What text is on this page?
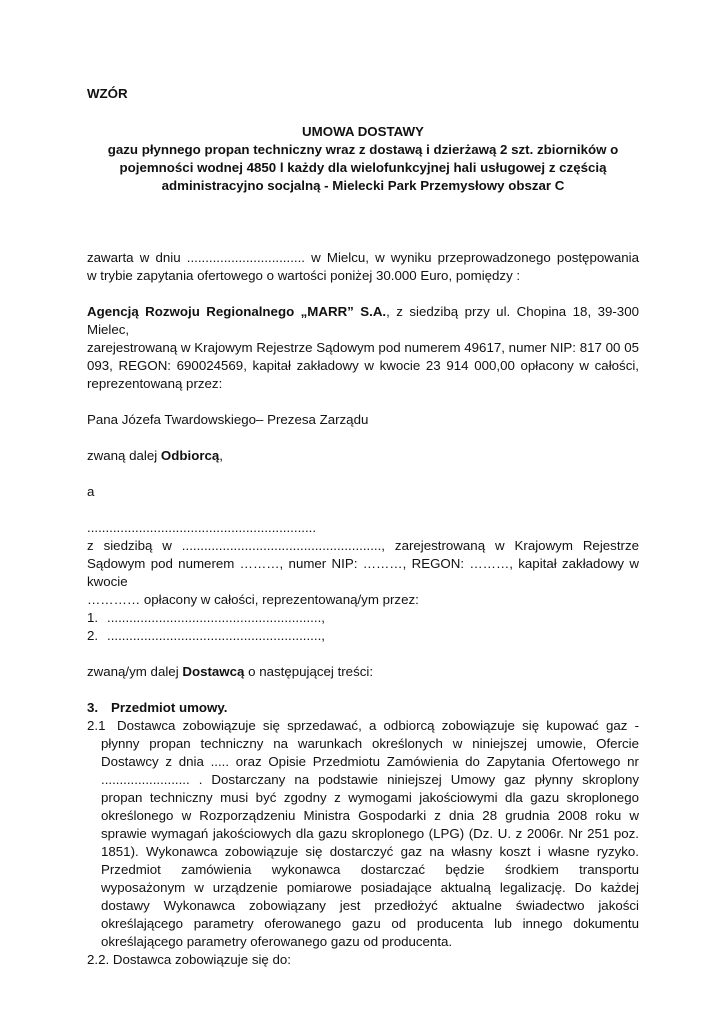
WZÓR

UMOWA DOSTAWY
gazu płynnego propan techniczny wraz z dostawą i dzierżawą 2 szt. zbiorników o
pojemności wodnej 4850 l każdy dla wielofunkcyjnej hali usługowej z częścią
administracyjno socjalną - Mielecki Park Przemysłowy obszar C

zawarta w dniu ................................ w Mielcu, w wyniku przeprowadzonego postępowania

w trybie zapytania ofertowego o wartości poniżej 30.000 Euro, pomiędzy :

Agencją Rozwoju Regionalnego „MARR” S.A., z siedzibą przy ul. Chopina 18, 39-300 Mielec,

zarejestrowaną w Krajowym Rejestrze Sądowym pod numerem 49617, numer NIP: 817 00 05

093, REGON: 690024569, kapitał zakładowy w kwocie 23 914 000,00 opłacony w całości,

reprezentowaną przez:

Pana Józefa Twardowskiego– Prezesa Zarządu

zwaną dalej Odbiorcą,

a

..............................................................

z siedzibą w ......................................................, zarejestrowaną w Krajowym Rejestrze

Sądowym pod numerem ………, numer NIP: ………, REGON: ………, kapitał zakładowy w kwocie

………… opłacony w całości, reprezentowaną/ym przez:

1. ..........................................................,
2. ..........................................................,

zwaną/ym dalej Dostawcą o następującej treści:

3. Przedmiot umowy.
2.1 Dostawca zobowiązuje się sprzedawać, a odbiorcą zobowiązuje się kupować gaz -
płynny propan techniczny na warunkach określonych w niniejszej umowie, Ofercie
Dostawcy z dnia ..... oraz Opisie Przedmiotu Zamówienia do Zapytania Ofertowego nr
........................ . Dostarczany na podstawie niniejszej Umowy gaz płynny skroplony
propan techniczny musi być zgodny z wymogami jakościowymi dla gazu skroplonego
określonego w Rozporządzeniu Ministra Gospodarki z dnia 28 grudnia 2008 roku w
sprawie wymagań jakościowych dla gazu skroplonego (LPG) (Dz. U. z 2006r. Nr 251 poz.
1851). Wykonawca zobowiązuje się dostarczyć gaz na własny koszt i własne ryzyko.
Przedmiot zamówienia wykonawca dostarczać będzie środkiem transportu
wyposażonym w urządzenie pomiarowe posiadające aktualną legalizację. Do każdej
dostawy Wykonawca zobowiązany jest przedłożyć aktualne świadectwo jakości
określającego parametry oferowanego gazu od producenta lub innego dokumentu
określającego parametry oferowanego gazu od producenta.

2.2. Dostawca zobowiązuje się do:
